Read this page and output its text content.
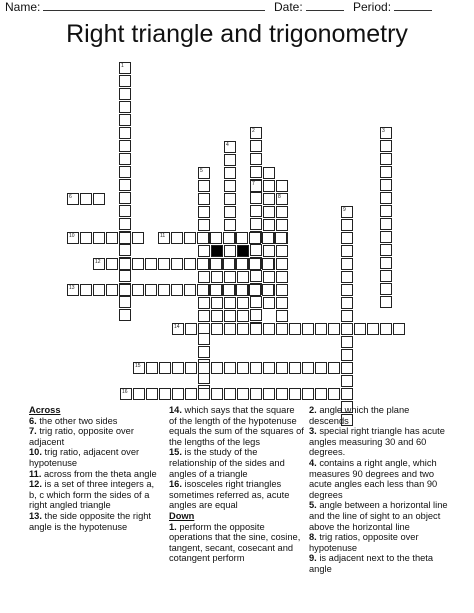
Name:	Date:	Period:
Right triangle and trigonometry
1
2	3
4
5
6
7
8
9
10	11
12
13
14
15
16
Across
6. the other two sides
7. trig ratio, opposite over adjacent
10. trig ratio, adjacent over hypotenuse
11. across from the theta angle
12. is a set of three integers a, b, c which form the sides of a right angled triangle
13. the side opposite the right angle is the hypotenuse
14. which says that the square of the length of the hypotenuse equals the sum of the squares of the lengths of the legs
15. is the study of the relationship of the sides and angles of a triangle
16. isosceles right triangles sometimes referred as, acute angles are equal
Down
1. perform the opposite operations that the sine, cosine, tangent, secant, cosecant and cotangent perform
2. angle which the plane descends
3. special right triangle has acute angles measuring 30 and 60 degrees.
4. contains a right angle, which measures 90 degrees and two acute angles each less than 90 degrees
5. angle between a horizontal line and the line of sight to an object above the horizontal line
8. trig ratios, opposite over hypotenuse
9. is adjacent next to the theta angle
